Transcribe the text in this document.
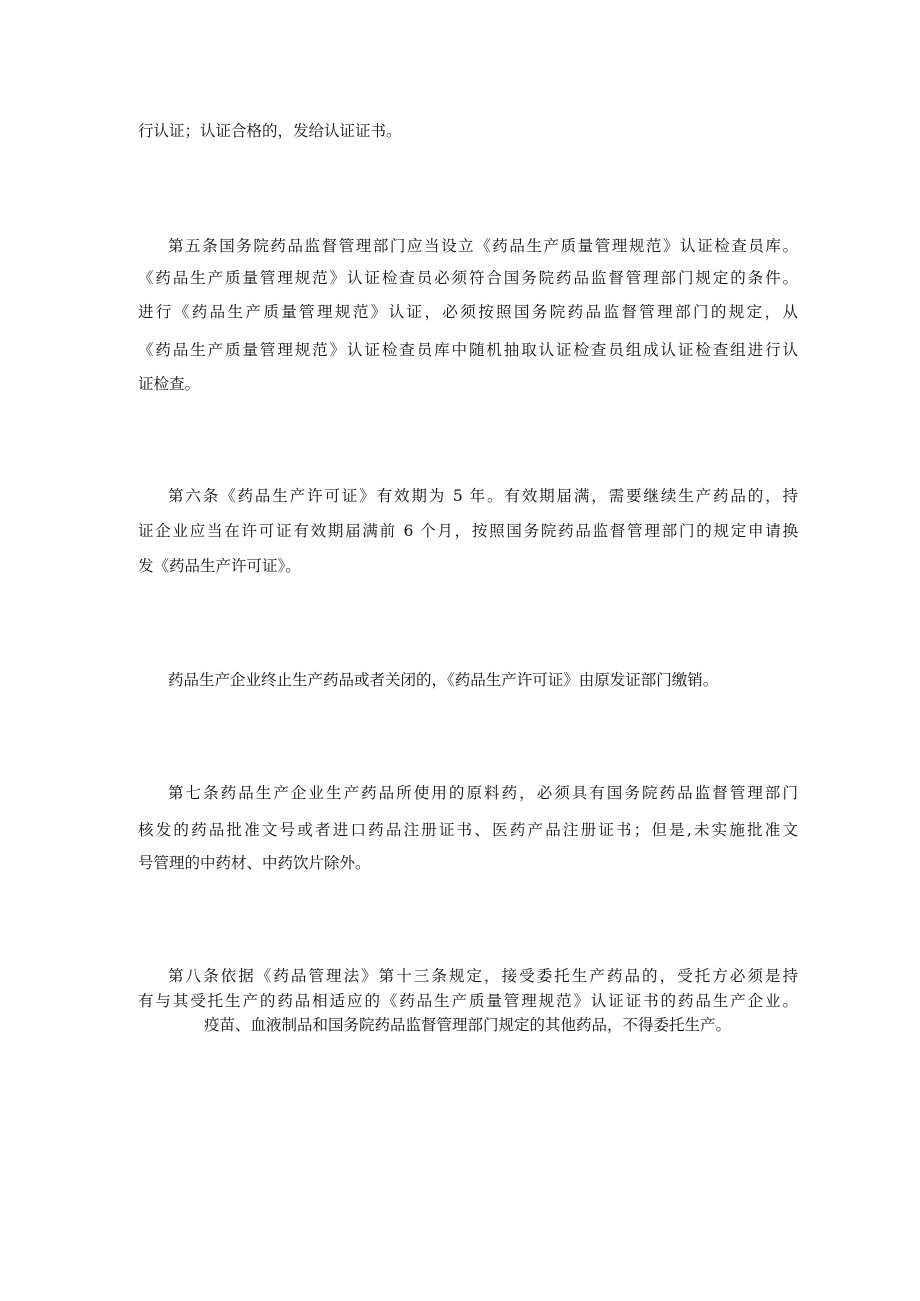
行认证；认证合格的，发给认证证书。
第五条国务院药品监督管理部门应当设立《药品生产质量管理规范》认证检查员库。
《药品生产质量管理规范》认证检查员必须符合国务院药品监督管理部门规定的条件。
进行《药品生产质量管理规范》认证，必须按照国务院药品监督管理部门的规定，从
《药品生产质量管理规范》认证检查员库中随机抽取认证检查员组成认证检查组进行认
证检查。
第六条《药品生产许可证》有效期为 5 年。有效期届满，需要继续生产药品的，持
证企业应当在许可证有效期届满前 6 个月，按照国务院药品监督管理部门的规定申请换
发《药品生产许可证》。
药品生产企业终止生产药品或者关闭的，《药品生产许可证》由原发证部门缴销。
第七条药品生产企业生产药品所使用的原料药，必须具有国务院药品监督管理部门
核发的药品批准文号或者进口药品注册证书、医药产品注册证书；但是,未实施批准文
号管理的中药材、中药饮片除外。
第八条依据《药品管理法》第十三条规定，接受委托生产药品的，受托方必须是持
有与其受托生产的药品相适应的《药品生产质量管理规范》认证证书的药品生产企业。
疫苗、血液制品和国务院药品监督管理部门规定的其他药品，不得委托生产。
